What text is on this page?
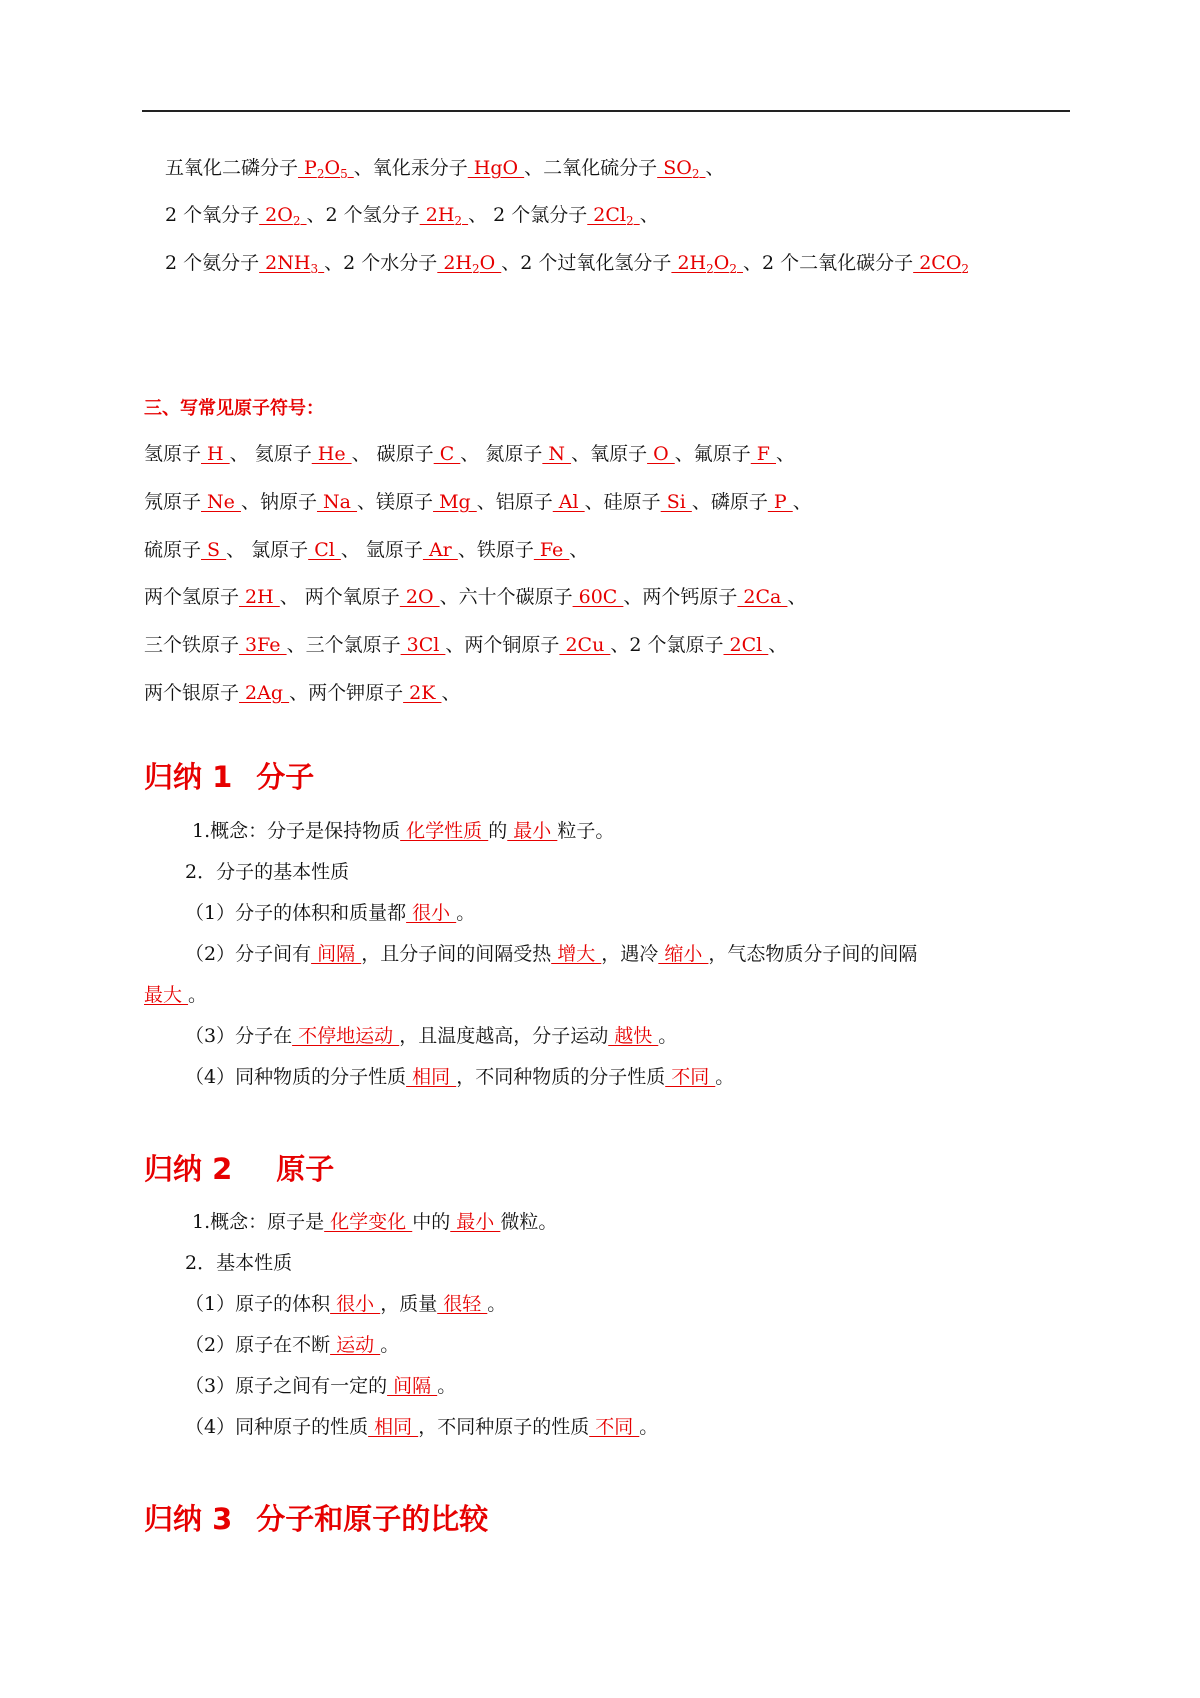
五氧化二磷分子 $P_2O_5$ 、氧化汞分子 HgO 、二氧化硫分子 $SO_2$ 、
2 个氧分子 $2O_2$ 、2 个氢分子 $2H_2$ 、 2 个氯分子 $2Cl_2$ 、
2 个氨分子 $2NH_3$ 、2 个水分子 $2H_2O$ 、2 个过氧化氢分子 $2H_2O_2$ 、2 个二氧化碳分子 $2CO_2$
三、写常见原子符号：
氢原子 H 、 氦原子 He 、 碳原子 C 、 氮原子 N 、氧原子 O 、氟原子 F 、
氖原子 Ne 、钠原子 Na 、镁原子 Mg 、铝原子 Al 、硅原子 Si 、磷原子 P 、
硫原子 S 、 氯原子 Cl 、 氩原子 Ar 、铁原子 Fe 、
两个氢原子 2H 、 两个氧原子 2O 、六十个碳原子 60C 、两个钙原子 2Ca 、
三个铁原子 3Fe 、三个氯原子 3Cl 、两个铜原子 2Cu 、2 个氯原子 2Cl 、
两个银原子 2Ag 、两个钾原子 2K 、
归纳 1 分子
1.概念：分子是保持物质 化学性质 的 最小 粒子。
2．分子的基本性质
（1）分子的体积和质量都 很小 。
（2）分子间有 间隔 ，且分子间的间隔受热 增大 ，遇冷 缩小 ，气态物质分子间的间隔
最大 。
（3）分子在 不停地运动 ，且温度越高，分子运动 越快 。
（4）同种物质的分子性质 相同 ，不同种物质的分子性质 不同 。
归纳 2 原子
1.概念：原子是 化学变化 中的 最小 微粒。
2．基本性质
（1）原子的体积 很小 ，质量 很轻 。
（2）原子在不断 运动 。
（3）原子之间有一定的 间隔 。
（4）同种原子的性质 相同 ，不同种原子的性质 不同 。
归纳 3 分子和原子的比较
